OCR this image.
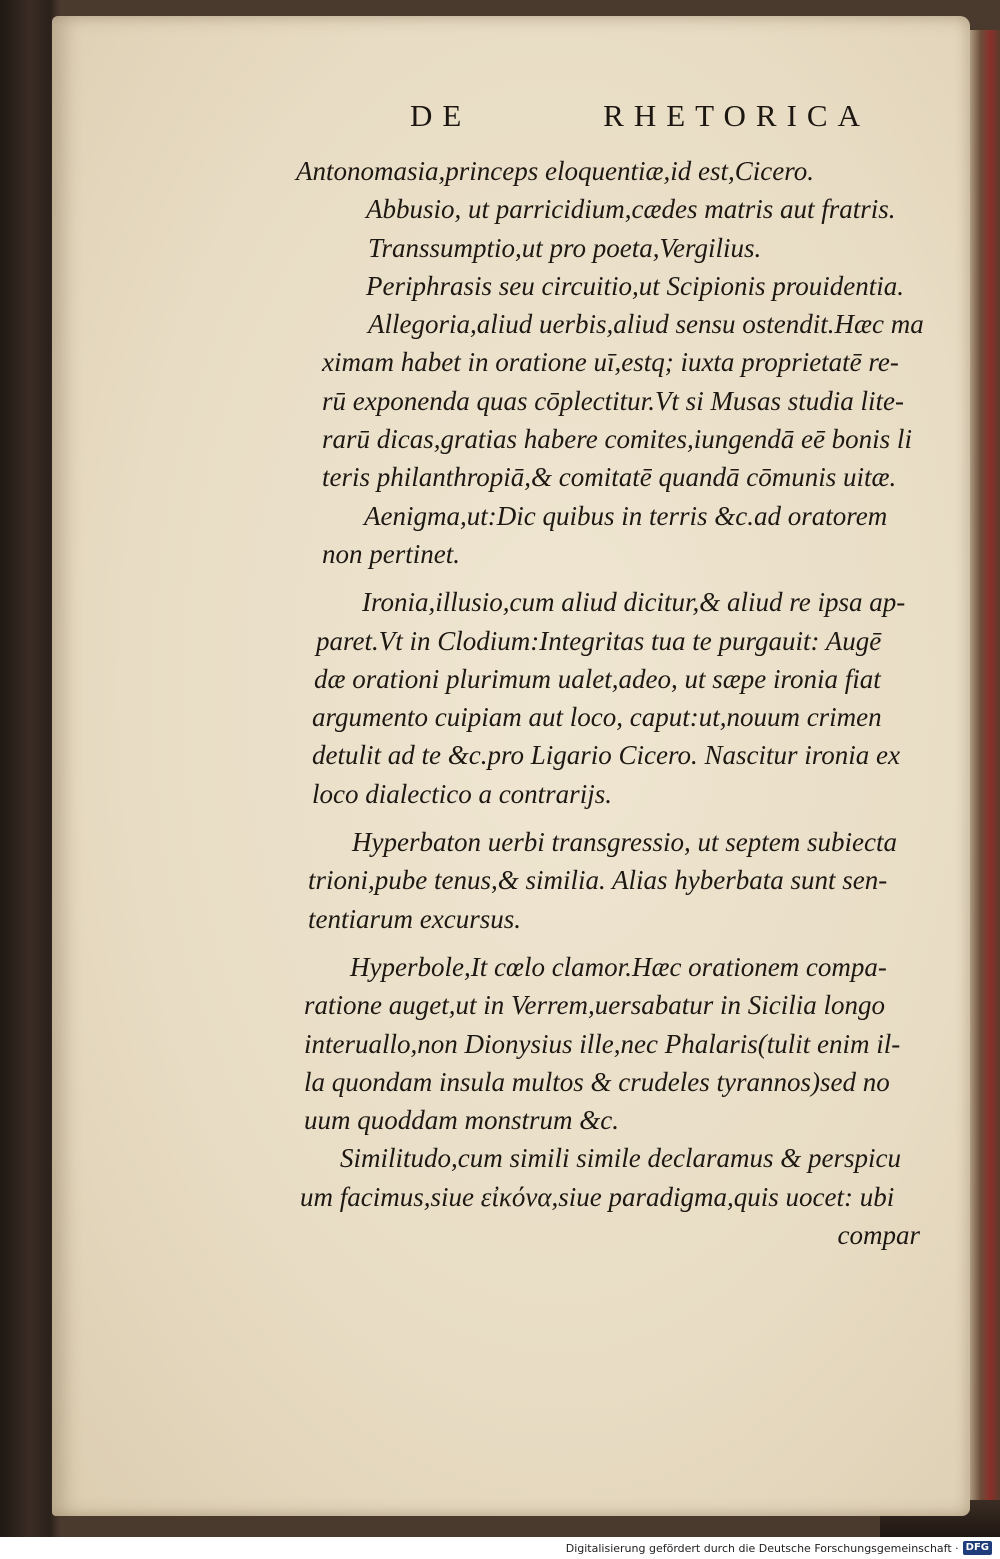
DE	RHETORICA
Antonomasia,princeps eloquentiæ,id est,Cicero.
Abbusio, ut parricidium,cædes matris aut fratris.
Transsumptio,ut pro poeta,Vergilius.
Periphrasis seu circuitio,ut Scipionis prouidentia.
Allegoria,aliud uerbis,aliud sensu ostendit.Hæc ma
ximam habet in oratione uī,estq; iuxta proprietatē re-
rū exponenda quas cōplectitur.Vt si Musas studia lite-
rarū dicas,gratias habere comites,iungendā eē bonis li
teris philanthropiā,& comitatē quandā cōmunis uitæ.
Aenigma,ut:Dic quibus in terris &c.ad oratorem
non pertinet.
Ironia,illusio,cum aliud dicitur,& aliud re ipsa ap-
paret.Vt in Clodium:Integritas tua te purgauit: Augē
dæ orationi plurimum ualet,adeo, ut sæpe ironia fiat
argumento cuipiam aut loco, caput:ut,nouum crimen
detulit ad te &c.pro Ligario Cicero. Nascitur ironia ex
loco dialectico a contrarijs.
Hyperbaton uerbi transgressio, ut septem subiecta
trioni,pube tenus,& similia. Alias hyberbata sunt sen-
tentiarum excursus.
Hyperbole,It cœlo clamor.Hæc orationem compa-
ratione auget,ut in Verrem,uersabatur in Sicilia longo
interuallo,non Dionysius ille,nec Phalaris(tulit enim il-
la quondam insula multos & crudeles tyrannos)sed no
uum quoddam monstrum &c.
Similitudo,cum simili simile declaramus & perspicu
um facimus,siue εἰκόνα,siue paradigma,quis uocet: ubi
compar
Digitalisierung gefördert durch die Deutsche Forschungsgemeinschaft · DFG
